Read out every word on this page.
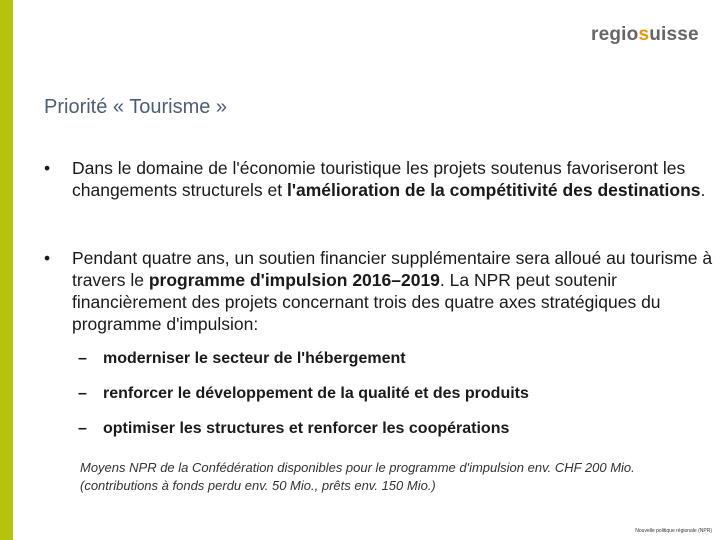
regiosuisse
Priorité « Tourisme »
•	Dans le domaine de l'économie touristique les projets soutenus favoriseront les changements structurels et l'amélioration de la compétitivité des destinations.
•	Pendant quatre ans, un soutien financier supplémentaire sera alloué au tourisme à travers le programme d'impulsion 2016–2019. La NPR peut soutenir financièrement des projets concernant trois des quatre axes stratégiques du programme d'impulsion:
– moderniser le secteur de l'hébergement
– renforcer le développement de la qualité et des produits
– optimiser les structures et renforcer les coopérations
Moyens NPR de la Confédération disponibles pour le programme d'impulsion env. CHF 200 Mio.
(contributions à fonds perdu env. 50 Mio., prêts env. 150 Mio.)
Nouvelle politique régionale (NPR)
